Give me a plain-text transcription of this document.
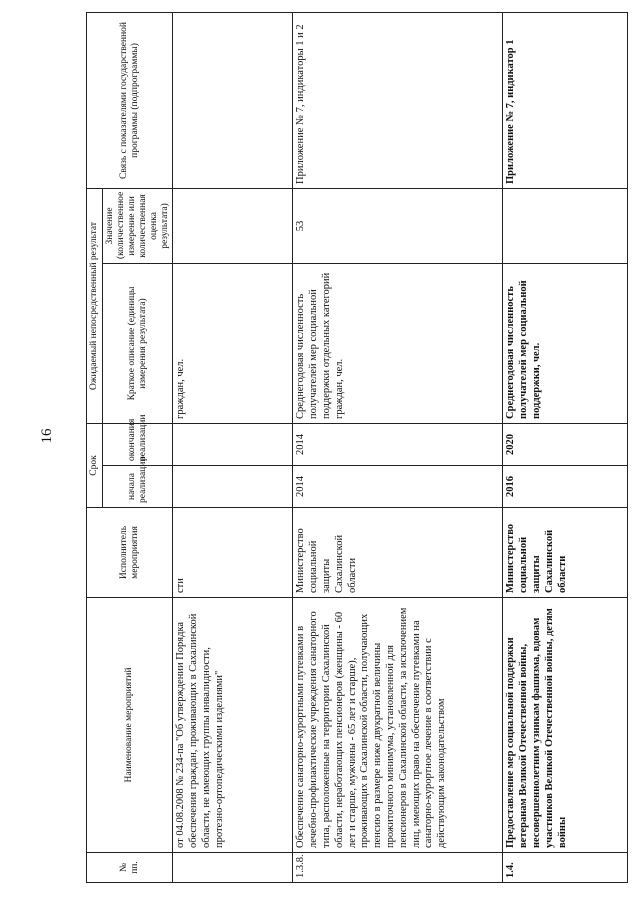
16
№ пп.	Наименование мероприятий	Исполнитель мероприятия	Срок		Ожидаемый непосредственный результат		Связь с показателями государственной программы (подпрограммы)
			начала реализации	окончания реализации	Краткое описание (единицы измерения результата)	Значение (количественное измерение или количественная оценка результата)	
	от 04.08.2008 № 234-па "Об утверждении Порядка обеспечения граждан, проживающих в Сахалинской области, не имеющих группы инвалидности, протезно-ортопедическими изделиями"	сти			граждан, чел.		
1.3.8.	Обеспечение санаторно-курортными путевками в лечебно-профилактические учреждения санаторного типа, расположенные на территории Сахалинской области, неработающих пенсионеров (женщины - 60 лет и старше, мужчины - 65 лет и старше), проживающих в Сахалинской области, получающих пенсию в размере ниже двукратной величины прожиточного минимума, установленной для пенсионеров в Сахалинской области, за исключением лиц, имеющих право на обеспечение путевками на санаторно-курортное лечение в соответствии с действующим законодательством	Министерство социальной защиты Сахалинской области	2014	2014	Среднегодовая численность получателей мер социальной поддержки отдельных категорий граждан, чел.	53	Приложение № 7, индикаторы 1 и 2
1.4.	Предоставление мер социальной поддержки ветеранам Великой Отечественной войны, несовершеннолетним узникам фашизма, вдовам участников Великой Отечественной войны, детям войны	Министерство социальной защиты Сахалинской области	2016	2020	Среднегодовая численность получателей мер социальной поддержки, чел.		Приложение № 7, индикатор 1
